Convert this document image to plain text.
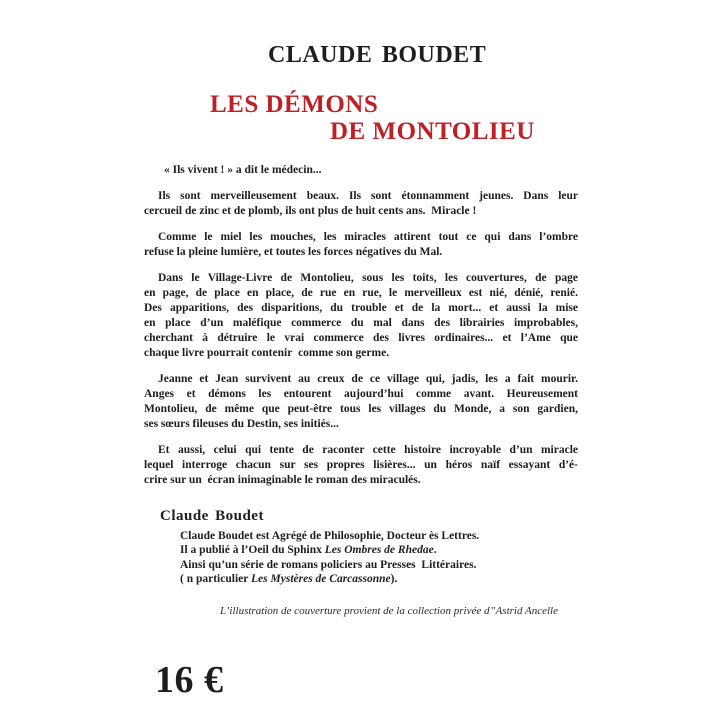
CLAUDE BOUDET
LES DÉMONS
DE MONTOLIEU
« Ils vivent ! » a dit le médecin...
Ils sont merveilleusement beaux. Ils sont étonnamment jeunes. Dans leur
cercueil de zinc et de plomb, ils ont plus de huit cents ans.  Miracle !
Comme le miel les mouches, les miracles attirent tout ce qui dans l’ombre
refuse la pleine lumière, et toutes les forces négatives du Mal.
Dans le Village-Livre de Montolieu, sous les toits, les couvertures, de page
en page, de place en place, de rue en rue, le merveilleux est nié, dénié, renié.
Des apparitions, des disparitions, du trouble et de la mort... et aussi la mise
en place d’un maléfique commerce du mal dans des librairies improbables,
cherchant à détruire le vrai commerce des livres ordinaires... et l’Ame que
chaque livre pourrait contenir  comme son germe.
Jeanne et Jean survivent au creux de ce village qui, jadis, les a fait mourir.
Anges et démons les entourent aujourd’hui comme avant. Heureusement
Montolieu, de même que peut-être tous les villages du Monde, a son gardien,
ses sœurs fileuses du Destin, ses initiés...
Et aussi, celui qui tente de raconter cette histoire incroyable d’un miracle
lequel interroge chacun sur ses propres lisières... un héros naïf essayant d’é-
crire sur un  écran inimaginable le roman des miraculés.
Claude Boudet
Claude Boudet est Agrégé de Philosophie, Docteur ès Lettres.
Il a publié à l’Oeil du Sphinx Les Ombres de Rhedae.
Ainsi qu’un série de romans policiers au Presses  Littéraires.
( n particulier Les Mystères de Carcassonne).
L’illustration de couverture provient de la collection privée d’’Astrid Ancelle
16 €
